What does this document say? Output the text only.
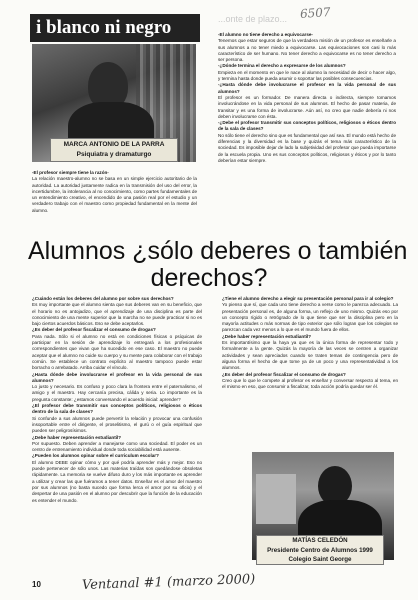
...onte de plazo...
i blanco ni negro
6507
MARCA ANTONIO DE LA PARRA
Psiquiatra y dramaturgo
-El profesor siempre tiene la razón-
La relación maestro-alumno no se basa en un simple ejercicio autoritario de la autoridad. La autoridad justamente radica en la transmisión del uso del error, la incertidumbre, la intolerancia al no conocimiento, como partes fundamentales de un entendimiento creativo, el encendido de una pasión real por el estudio y un verdadero trabajo con el maestro como propiedad fundamental en la mente del alumno.
-El alumno no tiene derecho a equivocarse-
Tenemos que estar seguros de que la verdadera misión de un profesor es enseñarle a sus alumnos a no tener miedo a equivocarse. Las equivocaciones son casi lo más característico de ser humano. No tener derecho a equivocarse es no tener derecho a ser persona.
-¿Dónde termina el derecho a expresarse de los alumnos?
Empieza en el momento en que le nace al alumno la necesidad de decir o hacer algo, y termina hasta donde pueda asumir o soportar las posibles consecuencias.
-¿Hasta dónde debe involucrarse el profesor en la vida personal de sus alumnos?
El profesor es un formador. De manera directa o indirecta, siempre tomamos involucrándose en la vida personal de sus alumnos. El hecho de pasar materia, de transitar y es una forma de involucrarse. Aún así, no creo que nadie debería ni nos deben involucrarse con ésta.
-¿Debe el profesor transmitir sus conceptos políticos, religiosos o éticos dentro de la sala de clases?
No sólo tiene el derecho sino que es fundamental que así sea. El mundo está hecho de diferencias y la diversidad es la base y quizás el tema más característico de la sociedad. Es imposible dejar de lado la subjetividad del profesor que pueda importarse de la escuela propia. Uno es sus conceptos políticos, religiosos y éticos y por lo tanto deberían estar siempre.
Alumnos ¿sólo deberes o también
derechos?
¿Cuándo están los deberes del alumno por sobre sus derechos?
Es muy importante que el alumno sienta que sus deberes van en su beneficio, que el horario no es antojadizo, que el aprendizaje de una disciplina es parte del conocimiento de una mente superior que la marcha no se puede practicar si no es bajo ciertos acuerdos básicos. Eso se debe aceptarlos.
¿Es deber del profesor fiscalizar el consumo de drogas?
Para nada. Sólo si el alumno no está en condiciones físicas o psíquicas de participar en la sesión de aprendizaje lo entregará a los profesionales correspondientes que vivan que ha sucedido en ese caso. El maestro no puede aceptar que el alumno no cuide su cuerpo y su mente para colaborar con el trabajo común. Se establece un contrato explícito al maestro tampoco puede estar borracho o arrebatado. Arriba cuidar el vínculo.
¿Hasta dónde debe involucrarse el profesor en la vida personal de sus alumnos?
Lo justo y necesario. Es confuso y poco clara la frontera entre el paternalismo, el amigo y el maestro. Hay cercanía precisa, cálida y seria. Lo importante es la pregunta constante: ¿estamos conversando el acuerdo inicial: aprender?
¿El profesor debe transmitir sus conceptos políticos, religiosos o éticos dentro de la sala de clases?
Si confunde a sus alumnos puede pervertir la relación y provocar una confusión insoportable entre el dirigente, el proselitismo, el gurú o el guía espiritual que pueden ser peligrosísimos.
¿Debe haber representación estudiantil?
Por supuesto. Deben aprender a manejarse como una sociedad. El poder es un centro de entrenamiento individual donde toda sociabilidad está ausente.
¿Pueden los alumnos opinar sobre el curriculum escolar?
El alumno DEBE opinar cómo y por qué podría aprender más y mejor. Eso no puede pertenecer de sólo unos. Las materias traídas son quedándose obsoletas rápidamente. La memoria se vuelve difuso duro y los más importante es aprender a utilizar y crear las que fuéramos a tener datos. Enseñar es el amor del maestro por sus alumnos (no basta sucedo que forma lerca el amor por su oficio) y el despertar de una pasión en el alumno por descubrir que la función de la educación es entender el mundo.
¿Tiene el alumno derecho a elegir su presentación personal para ir al colegio?
Yo pienso que sí, que cada uno tiene derecho a verse como le parezca adecuado. La presentación personal es, de alguna forma, un reflejo de uno mismo. Quizás eso por un concepto rígido o retrógrado de lo que tiene que ser la disciplina pero en la mayoría actitudes o más normas de tipo exterior que sólo logran que los colegios se parezcan cada vez menos a lo que es el mundo fuera de ellos.
¿Debe haber representación estudiantil?
Es importantísimo que la haya ya que es la única forma de representar todo y formalmente a la gente. Quizás la mayoría de las veces se centren a organizar actividades y sean apreciados cuando se traten temas de contingencia pero de alguna forma el hecho de que tome ya de un poco y una representatividad a los alumnos.
¿Es deber del profesor fiscalizar el consumo de drogas?
Creo que lo que le compete al profesor es enseñar y conversar respecto al tema, en el mismo en eso, que consumir a fiscalizar, toda acción podría quedar ser él.
MATÍAS CELEDÓN
Presidente Centro de Alumnos 1999
Colegio Saint George
10	Ventanal #1 (marzo 2000)
